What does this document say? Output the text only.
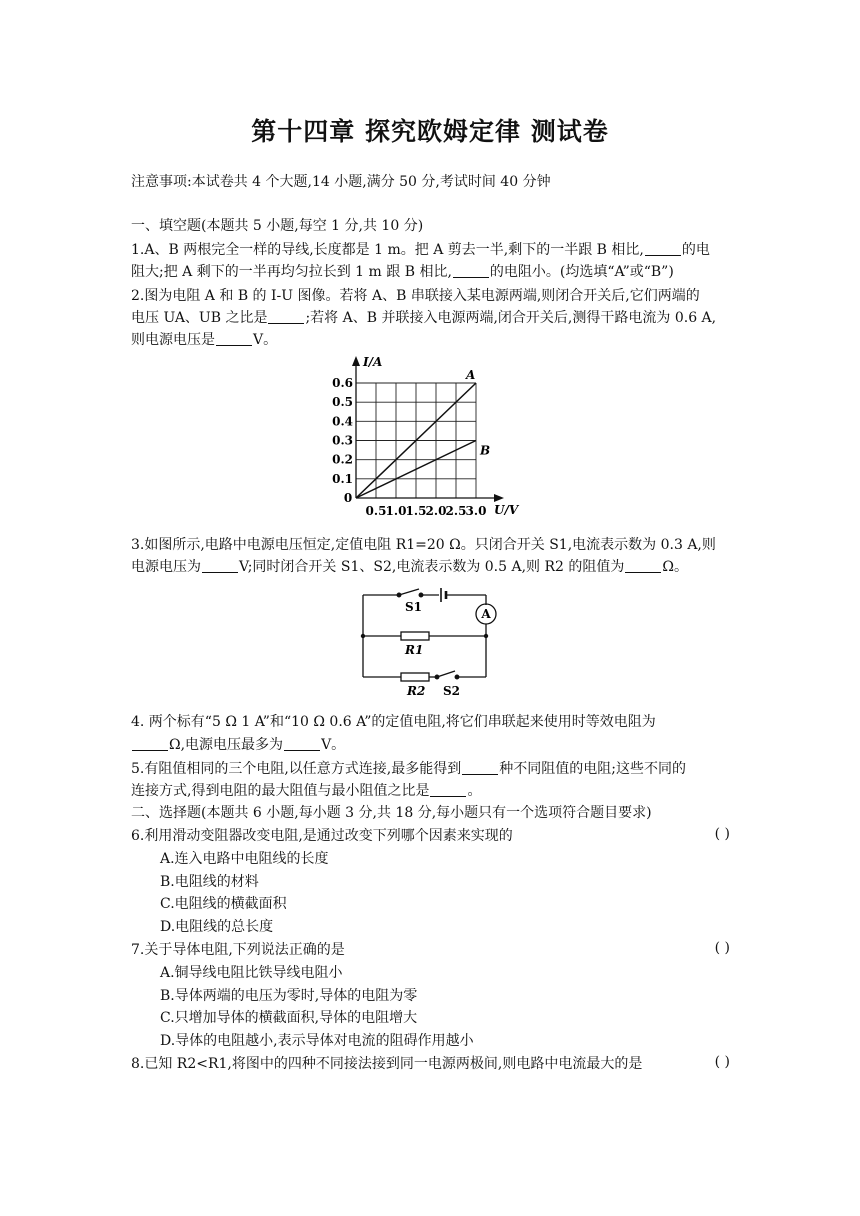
第十四章 探究欧姆定律 测试卷
注意事项:本试卷共 4 个大题,14 小题,满分 50 分,考试时间 40 分钟
一、填空题(本题共 5 小题,每空 1 分,共 10 分)
1.A、B 两根完全一样的导线,长度都是 1 m。把 A 剪去一半,剩下的一半跟 B 相比,	的电
阻大;把 A 剩下的一半再均匀拉长到 1 m 跟 B 相比,	的电阻小。(均选填“A”或“B”)
2.图为电阻 A 和 B 的 I-U 图像。若将 A、B 串联接入某电源两端,则闭合开关后,它们两端的
电压 UA、UB 之比是	;若将 A、B 并联接入电源两端,闭合开关后,测得干路电流为 0.6 A,
则电源电压是	V。
I/A
U/V
0
0.5 1.0 1.5 2.0 2.5 3.0
0.1
0.2
0.3
0.4
0.5
0.6
A
B
3.如图所示,电路中电源电压恒定,定值电阻 R1=20 Ω。只闭合开关 S1,电流表示数为 0.3 A,则
电源电压为	V;同时闭合开关 S1、S2,电流表示数为 0.5 A,则 R2 的阻值为	Ω。
A
S1
R1
R2 S2
4. 两个标有“5 Ω 1 A”和“10 Ω 0.6 A”的定值电阻,将它们串联起来使用时等效电阻为
Ω,电源电压最多为	V。
5.有阻值相同的三个电阻,以任意方式连接,最多能得到	种不同阻值的电阻;这些不同的
连接方式,得到电阻的最大阻值与最小阻值之比是	。
二、选择题(本题共 6 小题,每小题 3 分,共 18 分,每小题只有一个选项符合题目要求)
6.利用滑动变阻器改变电阻,是通过改变下列哪个因素来实现的	( )
A.连入电路中电阻线的长度
B.电阻线的材料
C.电阻线的横截面积
D.电阻线的总长度
7.关于导体电阻,下列说法正确的是	( )
A.铜导线电阻比铁导线电阻小
B.导体两端的电压为零时,导体的电阻为零
C.只增加导体的横截面积,导体的电阻增大
D.导体的电阻越小,表示导体对电流的阻碍作用越小
8.已知 R2<R1,将图中的四种不同接法接到同一电源两极间,则电路中电流最大的是	( )
